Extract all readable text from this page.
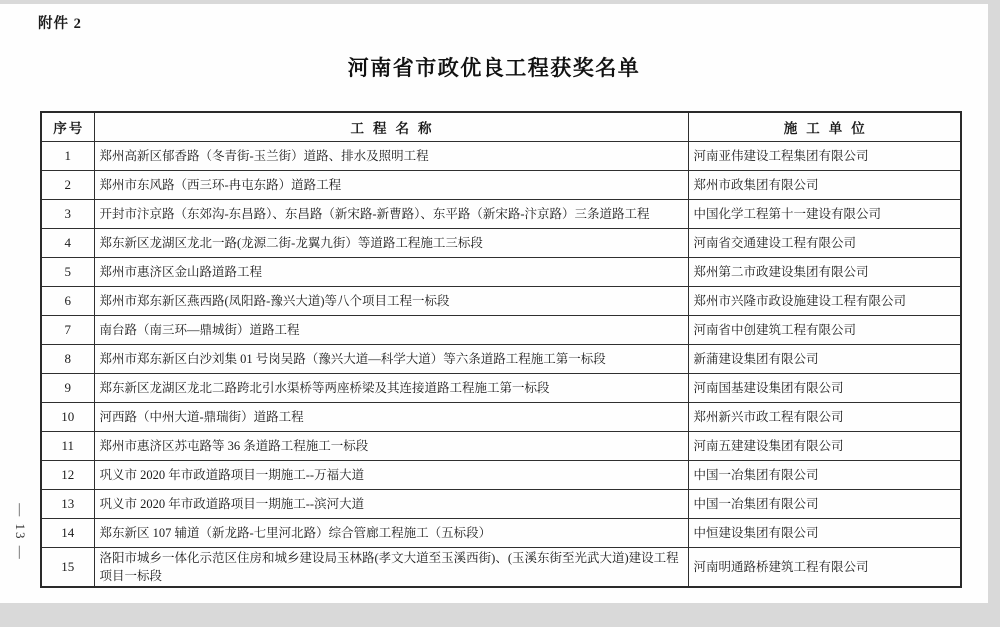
附件 2
河南省市政优良工程获奖名单
序号	工程名称	施工单位
1	郑州高新区郁香路（冬青街-玉兰街）道路、排水及照明工程	河南亚伟建设工程集团有限公司
2	郑州市东风路（西三环-冉屯东路）道路工程	郑州市政集团有限公司
3	开封市汴京路（东郊沟-东昌路）、东昌路（新宋路-新曹路）、东平路（新宋路-汴京路）三条道路工程	中国化学工程第十一建设有限公司
4	郑东新区龙湖区龙北一路(龙源二街-龙翼九街）等道路工程施工三标段	河南省交通建设工程有限公司
5	郑州市惠济区金山路道路工程	郑州第二市政建设集团有限公司
6	郑州市郑东新区燕西路(凤阳路-豫兴大道)等八个项目工程一标段	郑州市兴隆市政设施建设工程有限公司
7	南台路（南三环—鼎城街）道路工程	河南省中创建筑工程有限公司
8	郑州市郑东新区白沙刘集 01 号岗吴路（豫兴大道—科学大道）等六条道路工程施工第一标段	新蒲建设集团有限公司
9	郑东新区龙湖区龙北二路跨北引水渠桥等两座桥梁及其连接道路工程施工第一标段	河南国基建设集团有限公司
10	河西路（中州大道-鼎瑞街）道路工程	郑州新兴市政工程有限公司
11	郑州市惠济区苏屯路等 36 条道路工程施工一标段	河南五建建设集团有限公司
12	巩义市 2020 年市政道路项目一期施工--万福大道	中国一冶集团有限公司
13	巩义市 2020 年市政道路项目一期施工--滨河大道	中国一冶集团有限公司
14	郑东新区 107 辅道（新龙路-七里河北路）综合管廊工程施工（五标段）	中恒建设集团有限公司
15	洛阳市城乡一体化示范区住房和城乡建设局玉林路(孝文大道至玉溪西街)、(玉溪东街至光武大道)建设工程项目一标段	河南明通路桥建筑工程有限公司
— 13 —
